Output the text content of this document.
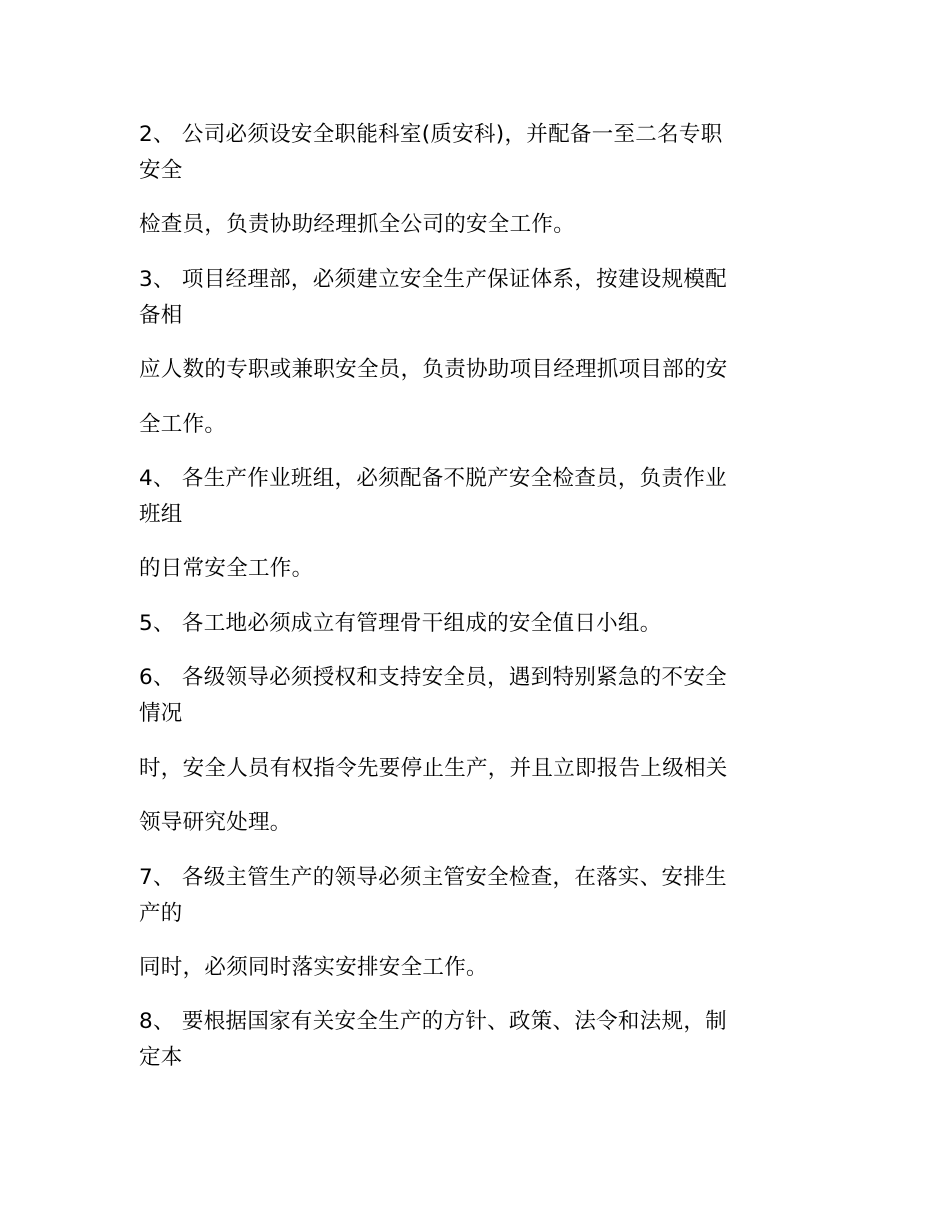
2、 公司必须设安全职能科室(质安科)，并配备一至二名专职
安全
检查员，负责协助经理抓全公司的安全工作。
3、 项目经理部，必须建立安全生产保证体系，按建设规模配
备相
应人数的专职或兼职安全员，负责协助项目经理抓项目部的安
全工作。
4、 各生产作业班组，必须配备不脱产安全检查员，负责作业
班组
的日常安全工作。
5、 各工地必须成立有管理骨干组成的安全值日小组。
6、 各级领导必须授权和支持安全员，遇到特别紧急的不安全
情况
时，安全人员有权指令先要停止生产，并且立即报告上级相关
领导研究处理。
7、 各级主管生产的领导必须主管安全检查，在落实、安排生
产的
同时，必须同时落实安排安全工作。
8、 要根据国家有关安全生产的方针、政策、法令和法规，制
定本
